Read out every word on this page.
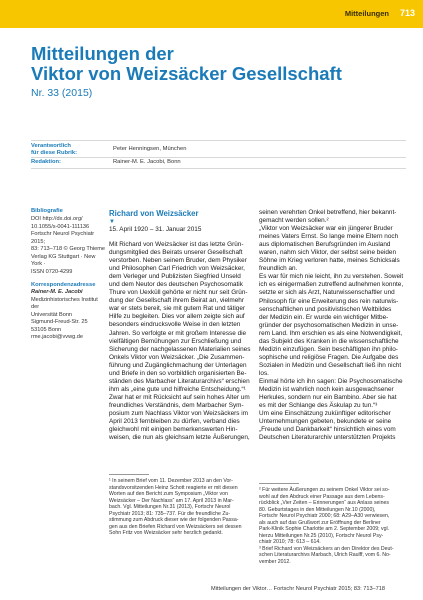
Mitteilungen 713
Mitteilungen der
Viktor von Weizsäcker Gesellschaft
Nr. 33 (2015)
Verantwortlich
für diese Rubrik:
Peter Henningsen, München
Redaktion:	Rainer-M. E. Jacobi, Bonn
Bibliografie
DOI http://dx.doi.org/
10.1055/s-0041-111136
Fortschr Neurol Psychiatr 2015;
83: 713–718 © Georg Thieme
Verlag KG Stuttgart · New York ·
ISSN 0720-4299
Korrespondenzadresse
Rainer-M. E. Jacobi
Medizinhistorisches Institut der
Universität Bonn
Sigmund-Freud-Str. 25
53105 Bonn
rme.jacobi@vvwg.de
Richard von Weizsäcker
▼
15. April 1920 – 31. Januar 2015
Mit Richard von Weizsäcker ist das letzte Grün-
dungsmitglied des Beirats unserer Gesellschaft
verstorben. Neben seinem Bruder, dem Physiker
und Philosophen Carl Friedrich von Weizsäcker,
dem Verleger und Publizisten Siegfried Unseld
und dem Neutor des deutschen Psychosomatik
Thure von Uexküll gehörte er nicht nur seit Grün-
dung der Gesellschaft ihrem Beirat an, vielmehr
war er stets bereit, sie mit gutem Rat und tätiger
Hilfe zu begleiten. Dies vor allem zeigte sich auf
besonders eindrucksvolle Weise in den letzten
Jahren. So verfolgte er mit großem Interesse die
vielfältigen Bemühungen zur Erschließung und
Sicherung der nachgelassenen Materialien seines
Onkels Viktor von Weizsäcker. „Die Zusammen-
führung und Zugänglichmachung der Unterlagen
und Briefe in den so vorbildlich organisierten Be-
ständen des Marbacher Literaturarchivs“ erschien
ihm als „eine gute und hilfreiche Entscheidung.“¹
Zwar hat er mit Rücksicht auf sein hohes Alter um
freundliches Verständnis, dem Marbacher Sym-
posium zum Nachlass Viktor von Weizsäckers im
April 2013 fernbleiben zu dürfen, verband dies
gleichwohl mit einigen bemerkenswerten Hin-
weisen, die nun als gleichsam letzte Äußerungen,
seinen verehrten Onkel betreffend, hier bekannt-
gemacht werden sollen.²
„Viktor von Weizsäcker war ein jüngerer Bruder
meines Vaters Ernst. So lange meine Eltern noch
aus diplomatischen Berufsgründen im Ausland
waren, nahm sich Viktor, der selbst seine beiden
Söhne im Krieg verloren hatte, meines Schicksals
freundlich an.
Es war für mich nie leicht, ihn zu verstehen. Soweit
ich es einigermaßen zutreffend aufnehmen konnte,
setzte er sich als Arzt, Naturwissenschaftler und
Philosoph für eine Erweiterung des rein naturwis-
senschaftlichen und positivistischen Weltbildes
der Medizin ein. Er wurde ein wichtiger Mitbe-
gründer der psychosomatischen Medizin in unse-
rem Land. Ihm erschien es als eine Notwendigkeit,
das Subjekt des Kranken in die wissenschaftliche
Medizin einzufügen. Sein beschäftigten ihn philo-
sophische und religiöse Fragen. Die Aufgabe des
Sozialen in Medizin und Gesellschaft ließ ihn nicht
los.
Einmal hörte ich ihn sagen: Die Psychosomatische
Medizin ist wahrlich noch kein ausgewachsener
Herkules, sondern nur ein Bambino. Aber sie hat
es mit der Schlange des Äskulap zu tun.“³
Um eine Einschätzung zukünftiger editorischer
Unternehmungen gebeten, bekundete er seine
„Freude und Dankbarkeit“ hinsichtlich eines vom
Deutschen Literaturarchiv unterstützten Projekts
¹ In seinem Brief vom 11. Dezember 2013 an den Vor-
standsvorsitzenden Heinz Schott reagierte er mit diesen
Worten auf den Bericht zum Symposium „Viktor von
Weizsäcker – Der Nachlass“ am 17. April 2013 in Mar-
bach. Vgl. Mitteilungen Nr.31 (2013), Fortschr Neurol
Psychiatr 2013; 81: 735–737. Für die freundliche Zu-
stimmung zum Abdruck dieser wie der folgenden Passa-
gen aus den Briefen Richard von Weizsäckers sei dessen
Sohn Fritz von Weizsäcker sehr herzlich gedankt.
² Für weitere Äußerungen zu seinem Onkel Viktor sei so-
wohl auf den Abdruck einer Passage aus dem Lebens-
rückblick „Vier Zeiten – Erinnerungen“ aus Anlass seines
80. Geburtstages in den Mitteilungen Nr.10 (2000),
Fortschr Neurol Psychiatr 2000; 68: A29–A30 verwiesen,
als auch auf das Grußwort zur Eröffnung der Berliner
Park-Klinik Sophie Charlotte am 2. September 2009; vgl.
hierzu Mitteilungen Nr.25 (2010), Fortschr Neurol Psy-
chiatr 2010; 78: 613 – 614.
³ Brief Richard von Weizsäckers an den Direktor des Deut-
schen Literaturarchivs Marbach, Ulrich Raulff, vom 6. No-
vember 2012.
Mitteilungen der Viktor… Fortschr Neurol Psychiatr 2015; 83: 713–718
